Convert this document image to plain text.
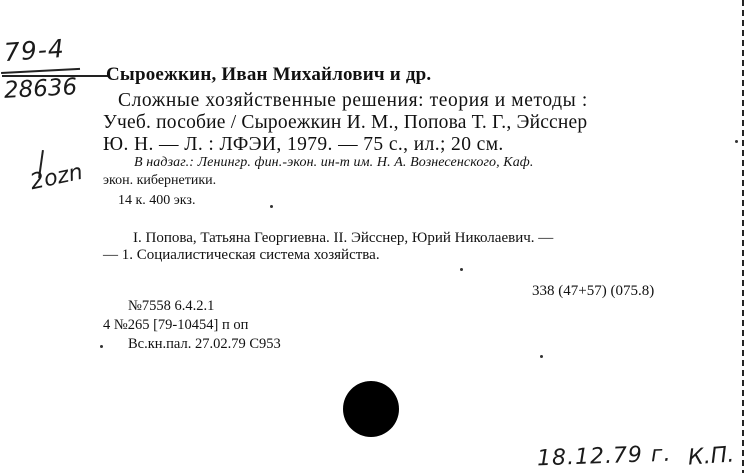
79-4
28636
2ozn
Сыроежкин, Иван Михайлович и др.
Сложные хозяйственные решения: теория и методы :
Учеб. пособие / Сыроежкин И. М., Попова Т. Г., Эйсснер
Ю. Н. — Л. : ЛФЭИ, 1979. — 75 с., ил.; 20 см.
В надзаг.: Ленингр. фин.-экон. ин-т им. Н. А. Вознесенского, Каф.
экон. кибернетики.
14 к. 400 экз.
I. Попова, Татьяна Георгиевна. II. Эйсснер, Юрий Николаевич. —
— 1. Социалистическая система хозяйства.
338 (47+57) (075.8)
№7558 6.4.2.1
4 №265 [79-10454] п оп
Вс.кн.пал. 27.02.79 С953
18.12.79 г. К.П.
